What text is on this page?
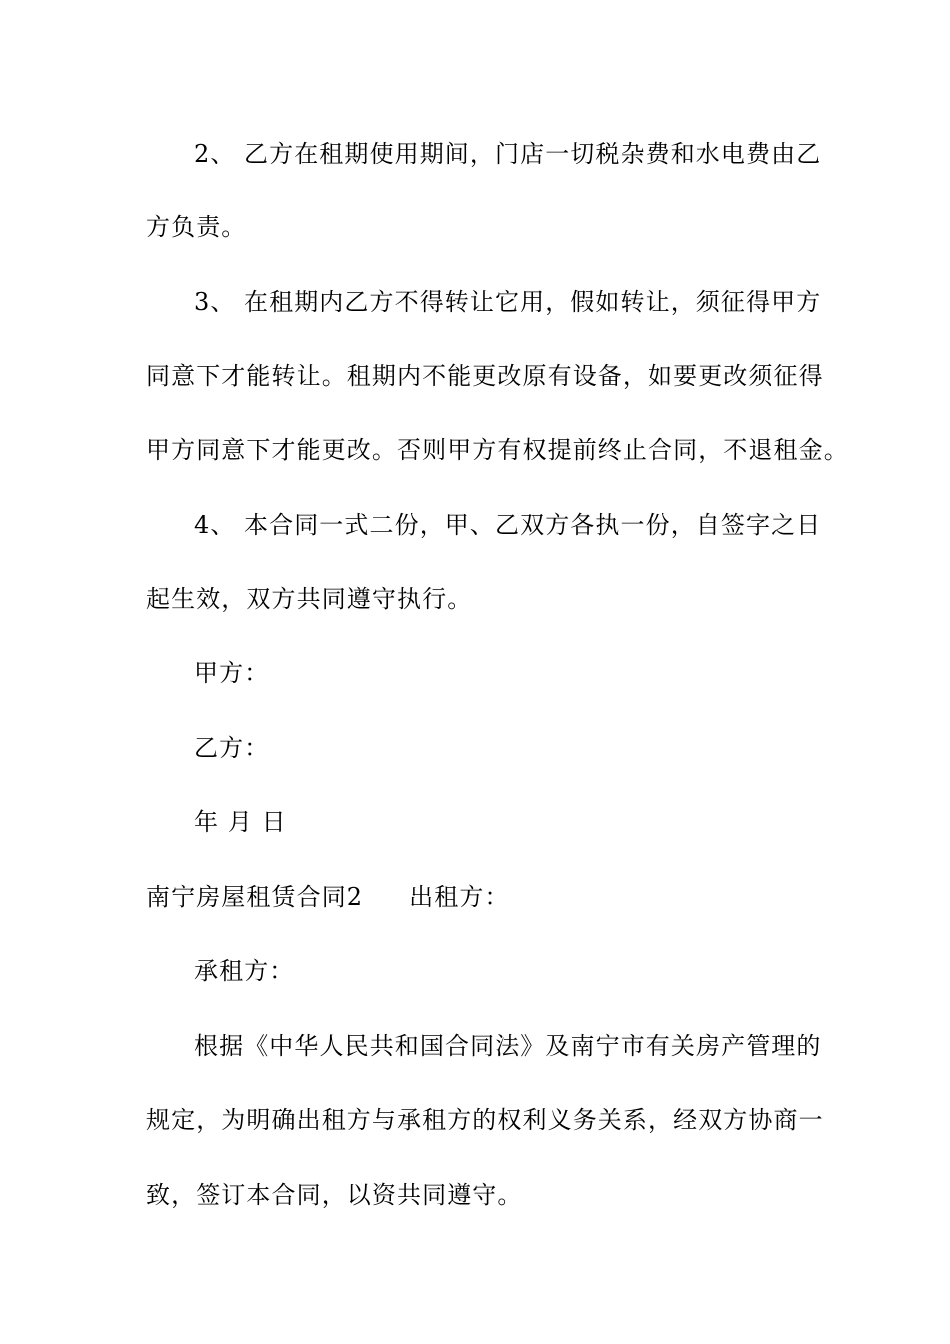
2、 乙方在租期使用期间，门店一切税杂费和水电费由乙
方负责。
3、 在租期内乙方不得转让它用，假如转让，须征得甲方
同意下才能转让。租期内不能更改原有设备，如要更改须征得
甲方同意下才能更改。否则甲方有权提前终止合同，不退租金。
4、 本合同一式二份，甲、乙双方各执一份，自签字之日
起生效，双方共同遵守执行。
甲方：
乙方：
年 月 日
南宁房屋租赁合同2 出租方：
承租方：
根据《中华人民共和国合同法》及南宁市有关房产管理的
规定，为明确出租方与承租方的权利义务关系，经双方协商一
致，签订本合同，以资共同遵守。
